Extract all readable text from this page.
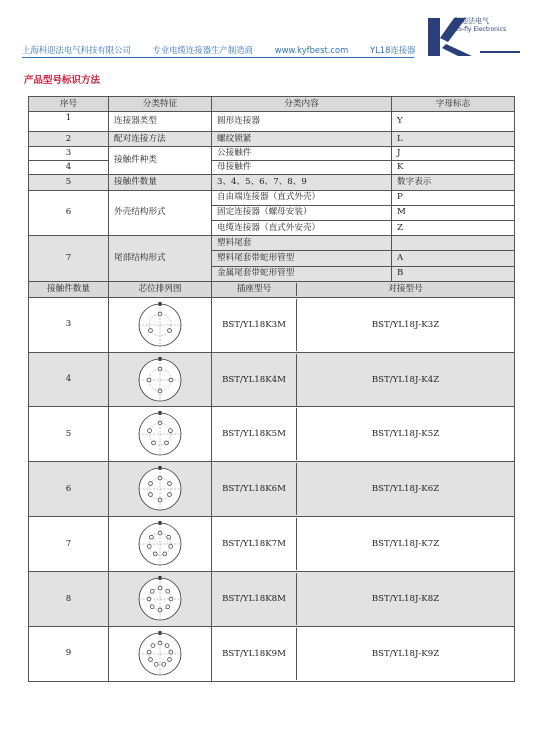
上海科迎法电气科技有限公司	专业电缆连接器生产制造商	www.kyfbest.com	YL18连接器
科迎法电气
Co-fly Electronics
产品型号标识方法
序号	分类特征	分类内容	字母标志	
1	连接器类型	圆形连接器	Y	
2	配对连接方法	螺纹锁紧	L	
3	接触件种类	公接触件	J	
4		母接触件	K	
5	接触件数量	3、4、5、6、7、8、9	数字表示	
6	外壳结构形式	自由端连接器（直式外壳）	P	
		固定连接器（螺母安装）	M	
		电缆连接器（直式外安壳）	Z	
7	尾部结构形式	塑料尾套		
		塑料尾套带蛇形管型	A	
		金属尾套带蛇形管型	B	
接触件数量	芯位排列图	插座型号 对接型号

3		BST/YL18K3M BST/YL18J-K3Z

4		BST/YL18K4M BST/YL18J-K4Z

5		BST/YL18K5M BST/YL18J-K5Z

6		BST/YL18K6M BST/YL18J-K6Z

7		BST/YL18K7M BST/YL18J-K7Z

8		BST/YL18K8M BST/YL18J-K8Z

9		BST/YL18K9M BST/YL18J-K9Z
